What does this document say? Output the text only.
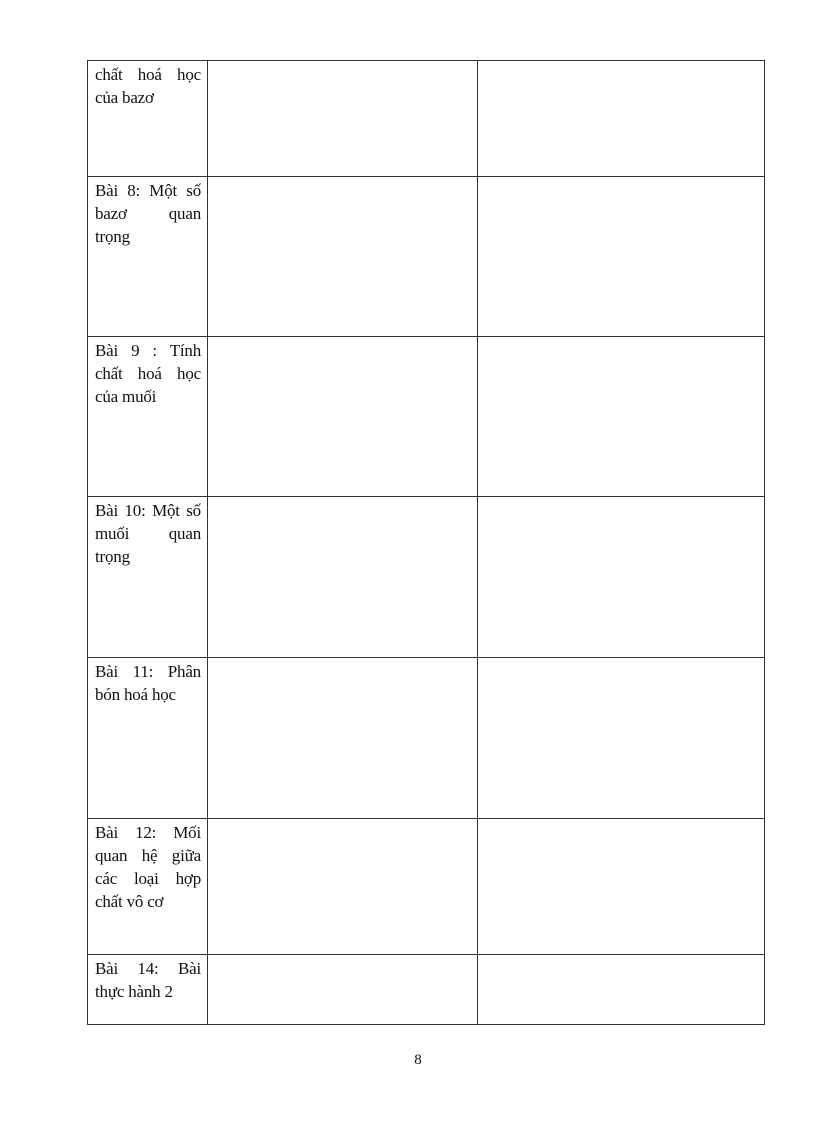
chất hoá học của bazơ		

Bài 8: Một số bazơ quan trọng		

Bài 9 : Tính chất hoá học của muối		

Bài 10: Một số muối quan trọng		

Bài 11: Phân bón hoá học		

Bài 12: Mối quan hệ giữa các loại hợp chất vô cơ		

Bài 14: Bài thực hành 2		

8
